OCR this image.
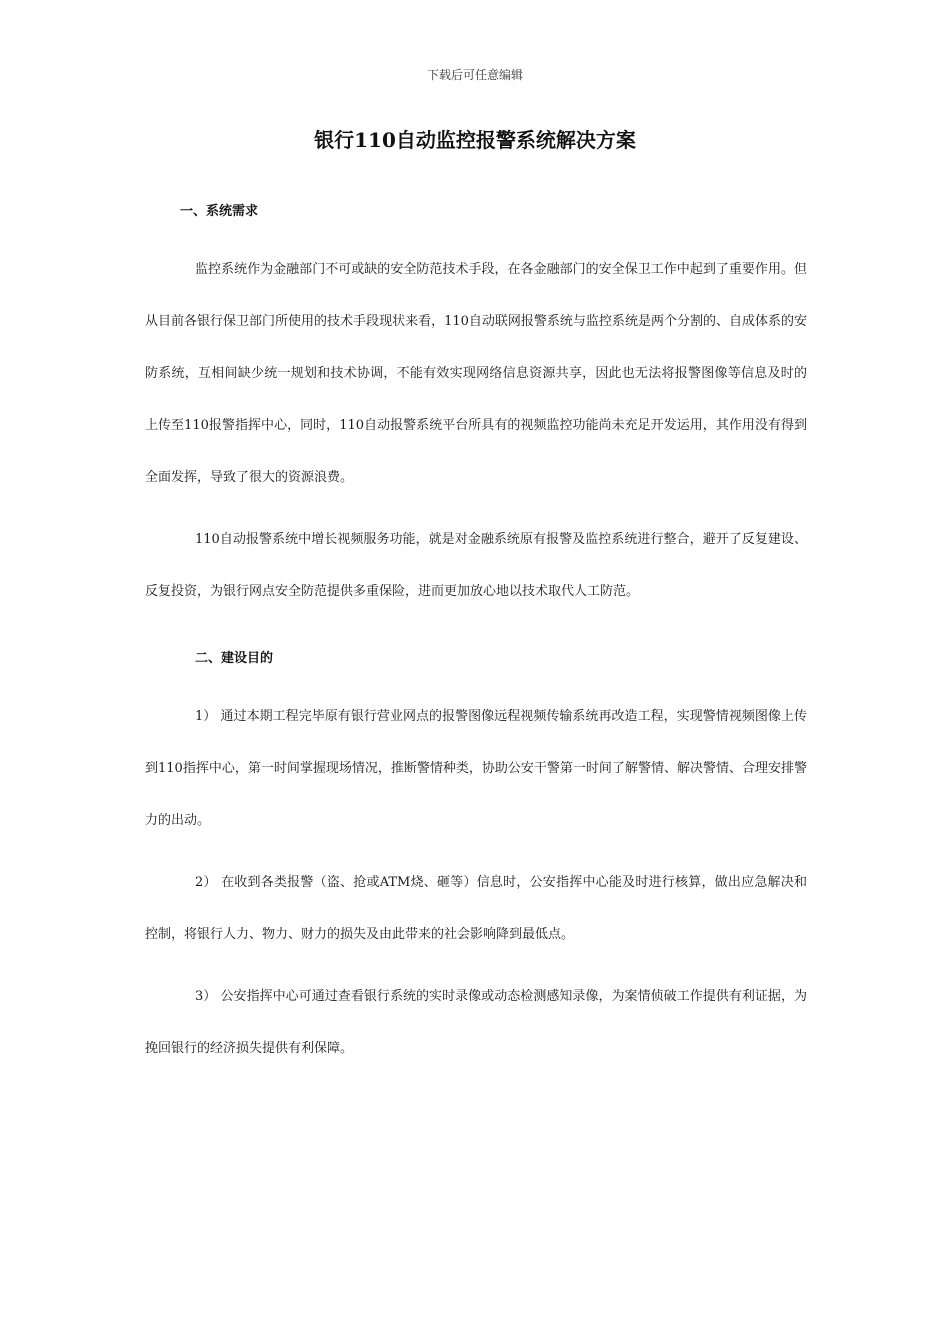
下载后可任意编辑
银行110自动监控报警系统解决方案
一、系统需求

监控系统作为金融部门不可或缺的安全防范技术手段，在各金融部门的安全保卫工作中起到了重要作用。但从目前各银行保卫部门所使用的技术手段现状来看，110自动联网报警系统与监控系统是两个分割的、自成体系的安防系统，互相间缺少统一规划和技术协调，不能有效实现网络信息资源共享，因此也无法将报警图像等信息及时的上传至110报警指挥中心，同时，110自动报警系统平台所具有的视频监控功能尚未充足开发运用，其作用没有得到全面发挥，导致了很大的资源浪费。

110自动报警系统中增长视频服务功能，就是对金融系统原有报警及监控系统进行整合，避开了反复建设、反复投资，为银行网点安全防范提供多重保险，进而更加放心地以技术取代人工防范。

二、建设目的

1） 通过本期工程完毕原有银行营业网点的报警图像远程视频传输系统再改造工程，实现警情视频图像上传到110指挥中心，第一时间掌握现场情况，推断警情种类，协助公安干警第一时间了解警情、解决警情、合理安排警力的出动。

2） 在收到各类报警（盗、抢或ATM烧、砸等）信息时，公安指挥中心能及时进行核算，做出应急解决和控制，将银行人力、物力、财力的损失及由此带来的社会影响降到最低点。

3） 公安指挥中心可通过查看银行系统的实时录像或动态检测感知录像，为案情侦破工作提供有利证据，为挽回银行的经济损失提供有利保障。
